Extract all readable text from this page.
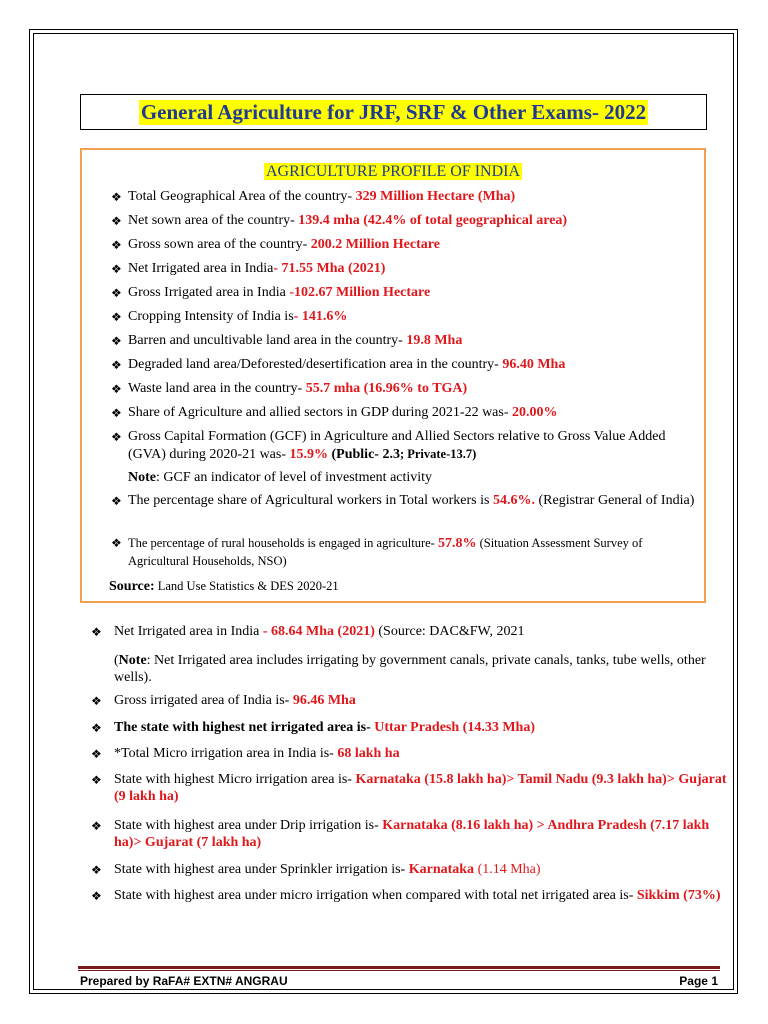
General Agriculture for JRF, SRF & Other Exams- 2022
AGRICULTURE PROFILE OF INDIA
❖ Total Geographical Area of the country- 329 Million Hectare (Mha)
❖ Net sown area of the country- 139.4 mha (42.4% of total geographical area)
❖ Gross sown area of the country- 200.2 Million Hectare
❖ Net Irrigated area in India- 71.55 Mha (2021)
❖ Gross Irrigated area in India -102.67 Million Hectare
❖ Cropping Intensity of India is- 141.6%
❖ Barren and uncultivable land area in the country- 19.8 Mha
❖ Degraded land area/Deforested/desertification area in the country- 96.40 Mha
❖ Waste land area in the country- 55.7 mha (16.96% to TGA)
❖ Share of Agriculture and allied sectors in GDP during 2021-22 was- 20.00%
❖ Gross Capital Formation (GCF) in Agriculture and Allied Sectors relative to Gross Value Added (GVA) during 2020-21 was- 15.9% (Public- 2.3; Private-13.7)
Note: GCF an indicator of level of investment activity
❖ The percentage share of Agricultural workers in Total workers is 54.6%. (Registrar General of India)
❖ The percentage of rural households is engaged in agriculture- 57.8% (Situation Assessment Survey of Agricultural Households, NSO)
Source: Land Use Statistics & DES 2020-21
❖ Net Irrigated area in India - 68.64 Mha (2021) (Source: DAC&FW, 2021
(Note: Net Irrigated area includes irrigating by government canals, private canals, tanks, tube wells, other wells).
❖ Gross irrigated area of India is- 96.46 Mha
❖ The state with highest net irrigated area is- Uttar Pradesh (14.33 Mha)
❖ *Total Micro irrigation area in India is- 68 lakh ha
❖ State with highest Micro irrigation area is- Karnataka (15.8 lakh ha)> Tamil Nadu (9.3 lakh ha)> Gujarat (9 lakh ha)
❖ State with highest area under Drip irrigation is- Karnataka (8.16 lakh ha) > Andhra Pradesh (7.17 lakh ha)> Gujarat (7 lakh ha)
❖ State with highest area under Sprinkler irrigation is- Karnataka (1.14 Mha)
❖ State with highest area under micro irrigation when compared with total net irrigated area is- Sikkim (73%)
Prepared by RaFA# EXTN# ANGRAU	Page 1
